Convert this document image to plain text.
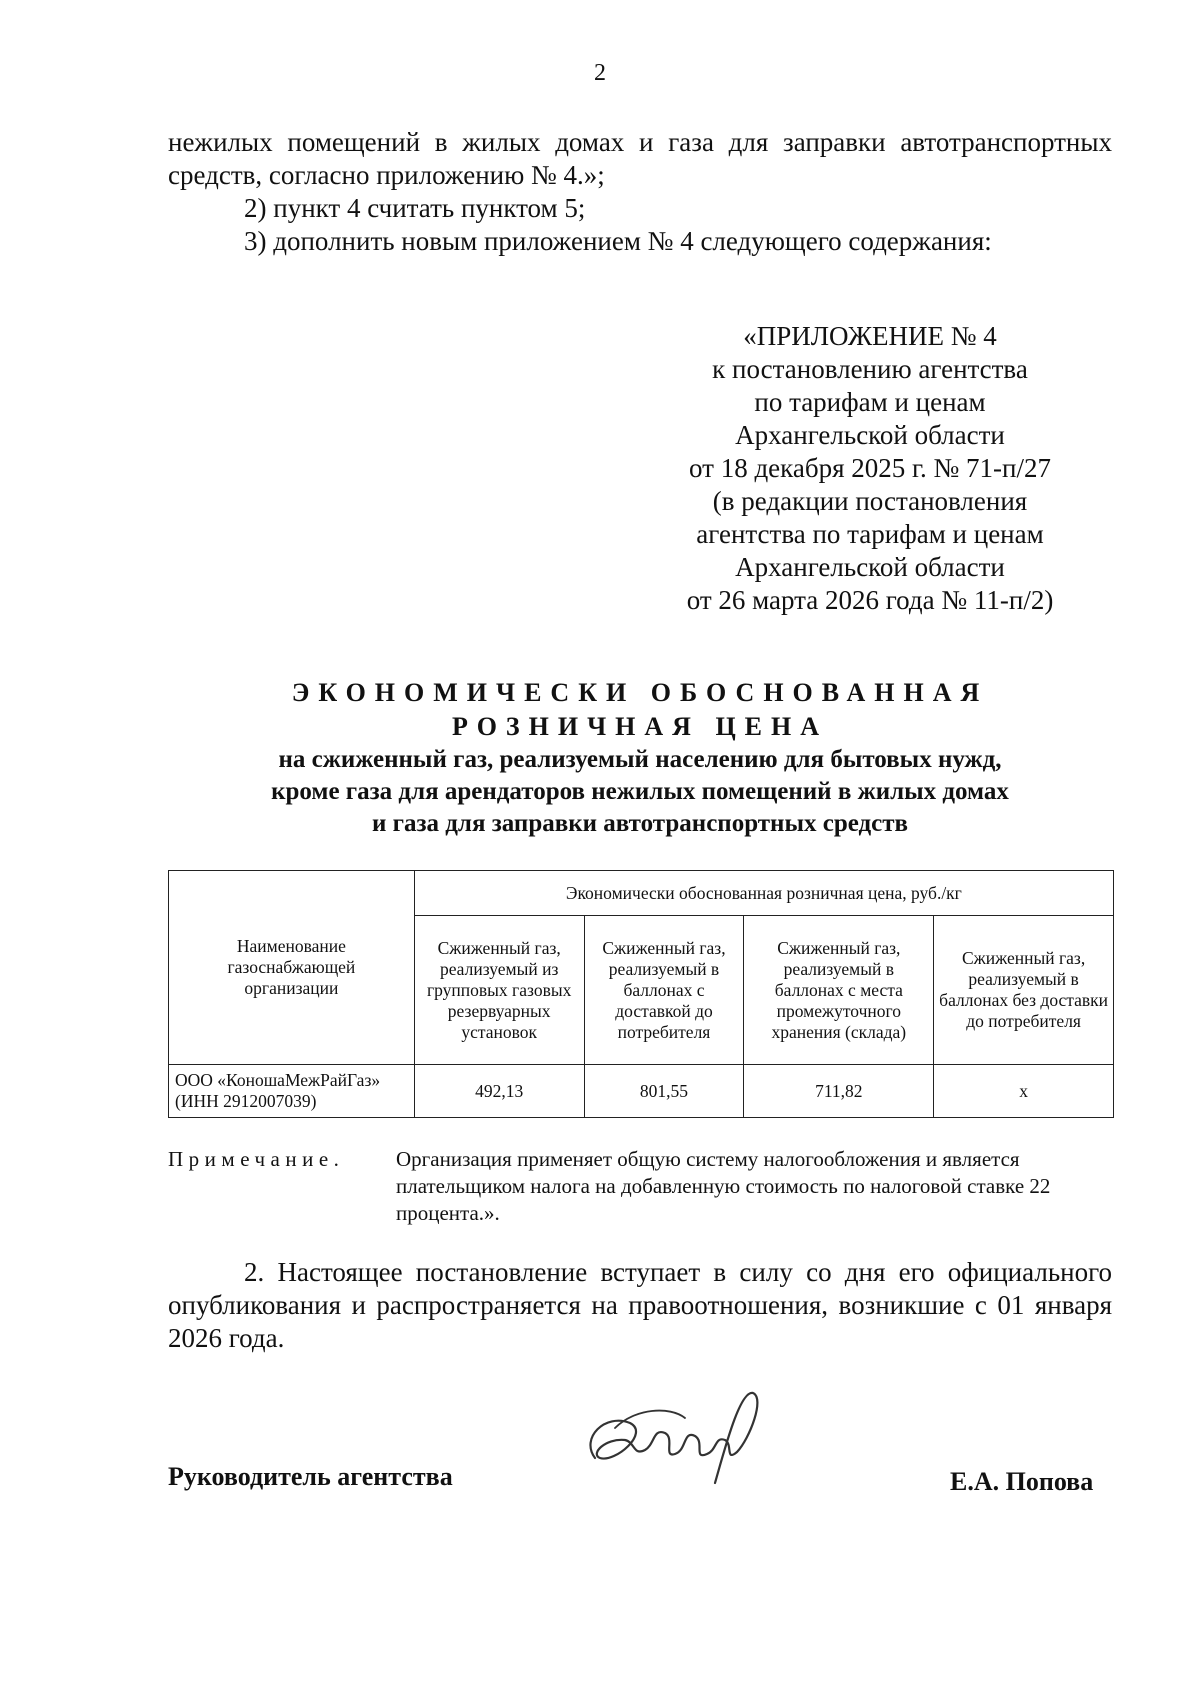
2
нежилых помещений в жилых домах и газа для заправки автотранспортных средств, согласно приложению № 4.»;
2) пункт 4 считать пунктом 5;
3) дополнить новым приложением № 4 следующего содержания:
«ПРИЛОЖЕНИЕ № 4
к постановлению агентства
по тарифам и ценам
Архангельской области
от 18 декабря 2025 г. № 71-п/27
(в редакции постановления
агентства по тарифам и ценам
Архангельской области
от 26 марта 2026 года № 11-п/2)
ЭКОНОМИЧЕСКИ ОБОСНОВАННАЯ
РОЗНИЧНАЯ ЦЕНА
на сжиженный газ, реализуемый населению для бытовых нужд,
кроме газа для арендаторов нежилых помещений в жилых домах
и газа для заправки автотранспортных средств
Наименование газоснабжающей организации	Экономически обоснованная розничная цена, руб./кг			
	Сжиженный газ, реализуемый из групповых газовых резервуарных установок	Сжиженный газ, реализуемый в баллонах с доставкой до потребителя	Сжиженный газ, реализуемый в баллонах с места промежуточного хранения (склада)	Сжиженный газ, реализуемый в баллонах без доставки до потребителя

ООО «КоношаМежРайГаз»
(ИНН 2912007039)	492,13	801,55	711,82	х
Примечание.	Организация применяет общую систему налогообложения и является плательщиком налога на добавленную стоимость по налоговой ставке 22 процента.».
2. Настоящее постановление вступает в силу со дня его официального опубликования и распространяется на правоотношения, возникшие с 01 января 2026 года.
Руководитель агентства	Е.А. Попова
